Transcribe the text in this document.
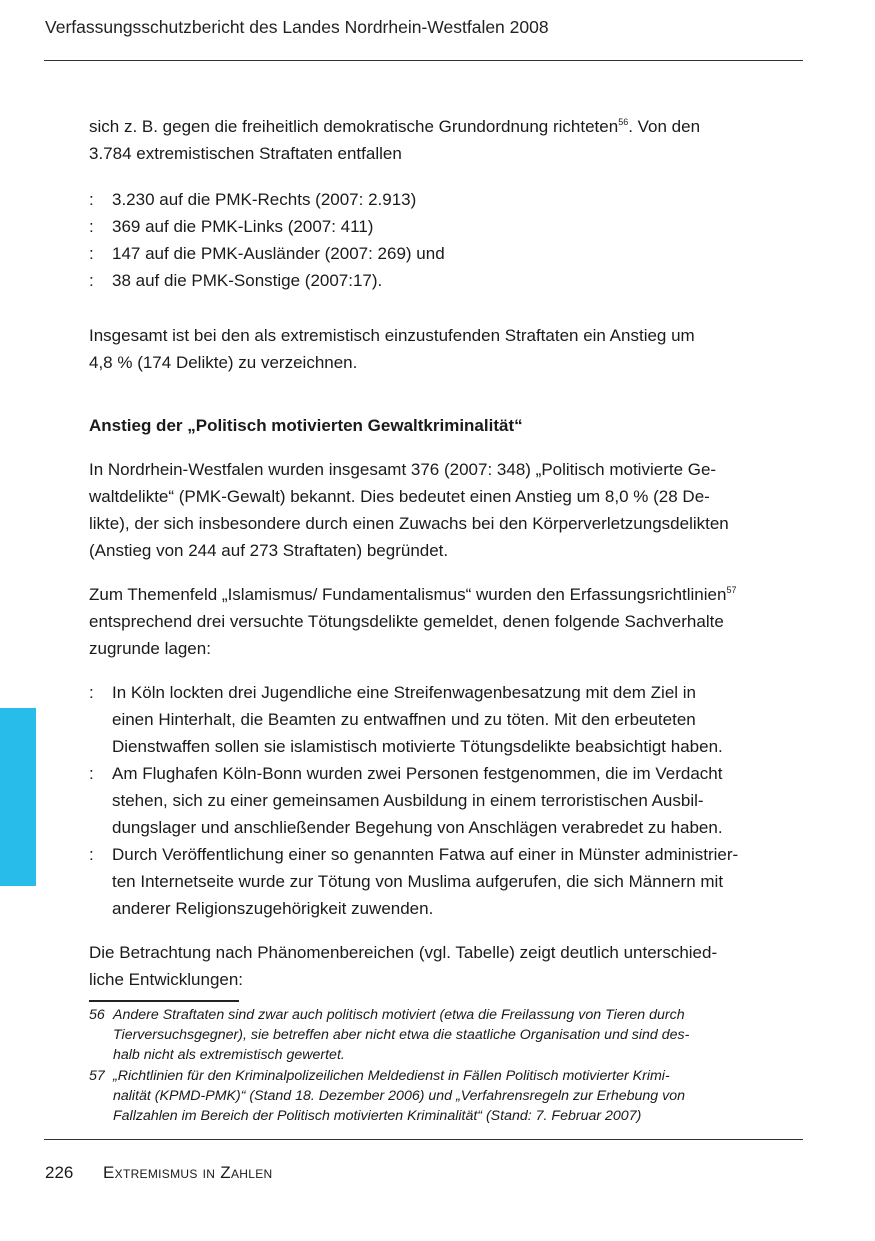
Verfassungsschutzbericht des Landes Nordrhein-Westfalen 2008

sich z. B. gegen die freiheitlich demokratische Grundordnung richteten$^{56}$. Von den
3.784 extremistischen Straftaten entfallen

: 3.230 auf die PMK-Rechts (2007: 2.913)
: 369 auf die PMK-Links (2007: 411)
: 147 auf die PMK-Ausländer (2007: 269) und
: 38 auf die PMK-Sonstige (2007:17).

Insgesamt ist bei den als extremistisch einzustufenden Straftaten ein Anstieg um
4,8 % (174 Delikte) zu verzeichnen.

Anstieg der „Politisch motivierten Gewaltkriminalität“

In Nordrhein-Westfalen wurden insgesamt 376 (2007: 348) „Politisch motivierte Ge-
waltdelikte“ (PMK-Gewalt) bekannt. Dies bedeutet einen Anstieg um 8,0 % (28 De-
likte), der sich insbesondere durch einen Zuwachs bei den Körperverletzungsdelikten
(Anstieg von 244 auf 273 Straftaten) begründet.

Zum Themenfeld „Islamismus/ Fundamentalismus“ wurden den Erfassungsrichtlinien$^{57}$
entsprechend drei versuchte Tötungsdelikte gemeldet, denen folgende Sachverhalte
zugrunde lagen:

: In Köln lockten drei Jugendliche eine Streifenwagenbesatzung mit dem Ziel in
einen Hinterhalt, die Beamten zu entwaffnen und zu töten. Mit den erbeuteten
Dienstwaffen sollen sie islamistisch motivierte Tötungsdelikte beabsichtigt haben.
: Am Flughafen Köln-Bonn wurden zwei Personen festgenommen, die im Verdacht
stehen, sich zu einer gemeinsamen Ausbildung in einem terroristischen Ausbil-
dungslager und anschließender Begehung von Anschlägen verabredet zu haben.
: Durch Veröffentlichung einer so genannten Fatwa auf einer in Münster administrier-
ten Internetseite wurde zur Tötung von Muslima aufgerufen, die sich Männern mit
anderer Religionszugehörigkeit zuwenden.

Die Betrachtung nach Phänomenbereichen (vgl. Tabelle) zeigt deutlich unterschied-
liche Entwicklungen:

56 Andere Straftaten sind zwar auch politisch motiviert (etwa die Freilassung von Tieren durch
Tierversuchsgegner), sie betreffen aber nicht etwa die staatliche Organisation und sind des-
halb nicht als extremistisch gewertet.
57 „Richtlinien für den Kriminalpolizeilichen Meldedienst in Fällen Politisch motivierter Krimi-
nalität (KPMD-PMK)“ (Stand 18. Dezember 2006) und „Verfahrensregeln zur Erhebung von
Fallzahlen im Bereich der Politisch motivierten Kriminalität“ (Stand: 7. Februar 2007)
226 Extremismus in Zahlen
